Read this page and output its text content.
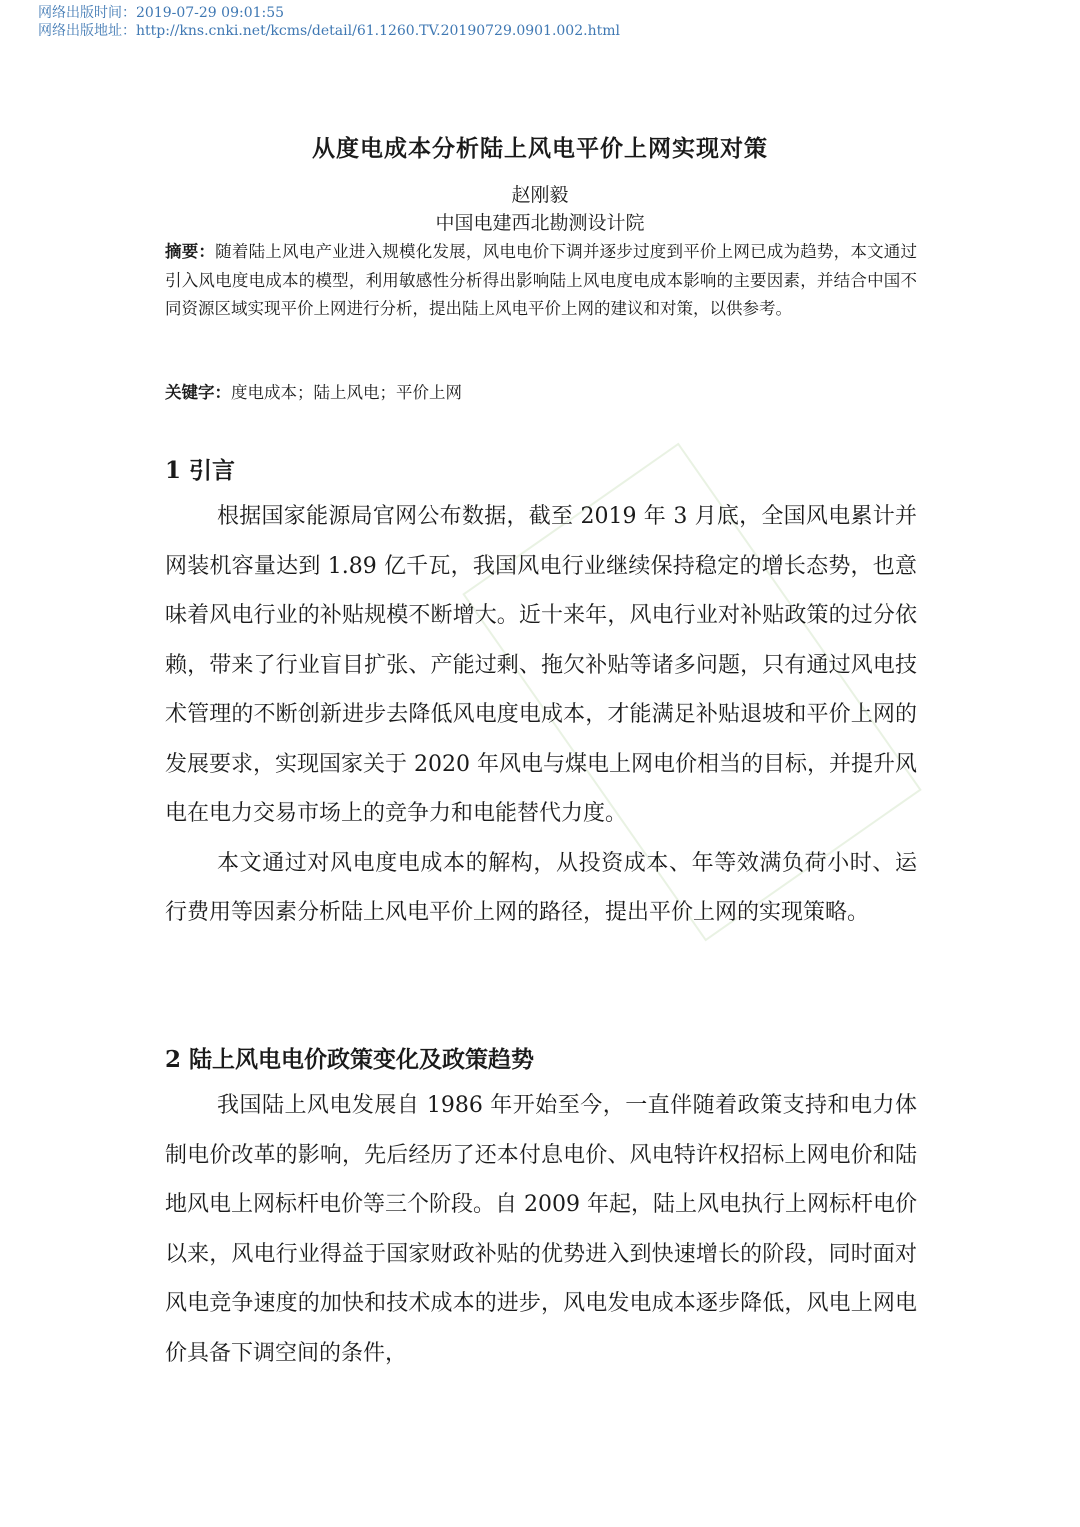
网络出版时间：2019-07-29 09:01:55
网络出版地址：http://kns.cnki.net/kcms/detail/61.1260.TV.20190729.0901.002.html
从度电成本分析陆上风电平价上网实现对策
赵刚毅
中国电建西北勘测设计院
摘要：随着陆上风电产业进入规模化发展，风电电价下调并逐步过度到平价上网已成为趋势，本文通过引入风电度电成本的模型，利用敏感性分析得出影响陆上风电度电成本影响的主要因素，并结合中国不同资源区域实现平价上网进行分析，提出陆上风电平价上网的建议和对策，以供参考。
关键字：度电成本；陆上风电；平价上网
1 引言

根据国家能源局官网公布数据，截至 2019 年 3 月底，全国风电累计并网装机容量达到 1.89 亿千瓦，我国风电行业继续保持稳定的增长态势，也意味着风电行业的补贴规模不断增大。近十来年，风电行业对补贴政策的过分依赖，带来了行业盲目扩张、产能过剩、拖欠补贴等诸多问题，只有通过风电技术管理的不断创新进步去降低风电度电成本，才能满足补贴退坡和平价上网的发展要求，实现国家关于 2020 年风电与煤电上网电价相当的目标，并提升风电在电力交易市场上的竞争力和电能替代力度。

本文通过对风电度电成本的解构，从投资成本、年等效满负荷小时、运行费用等因素分析陆上风电平价上网的路径，提出平价上网的实现策略。

2 陆上风电电价政策变化及政策趋势

我国陆上风电发展自 1986 年开始至今，一直伴随着政策支持和电力体制电价改革的影响，先后经历了还本付息电价、风电特许权招标上网电价和陆地风电上网标杆电价等三个阶段。自 2009 年起，陆上风电执行上网标杆电价以来，风电行业得益于国家财政补贴的优势进入到快速增长的阶段，同时面对风电竞争速度的加快和技术成本的进步，风电发电成本逐步降低，风电上网电价具备下调空间的条件，
